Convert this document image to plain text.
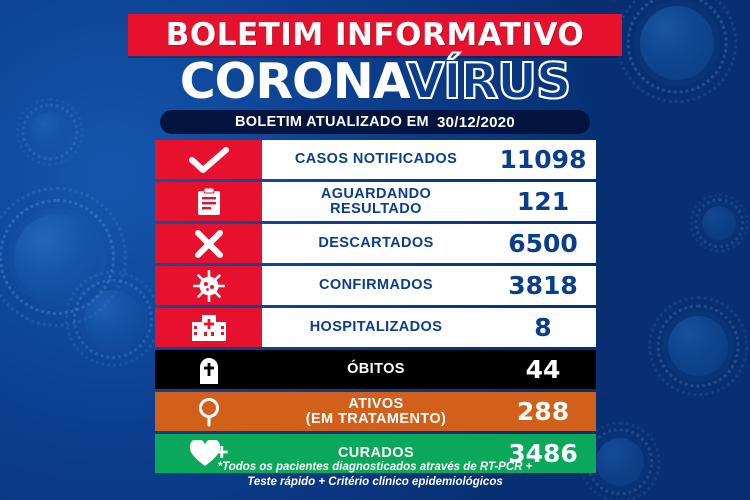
BOLETIM INFORMATIVO
CORONAVÍRUS
BOLETIM ATUALIZADO EM 30/12/2020
CASOS NOTIFICADOS 11098
AGUARDANDO
RESULTADO	121
DESCARTADOS	6500
CONFIRMADOS	3818
HOSPITALIZADOS	8
ÓBITOS	44
ATIVOS
(EM TRATAMENTO)	288
CURADOS	3486
*Todos os pacientes diagnosticados através de RT-PCR +
Teste rápido + Critério clínico epidemiológicos
